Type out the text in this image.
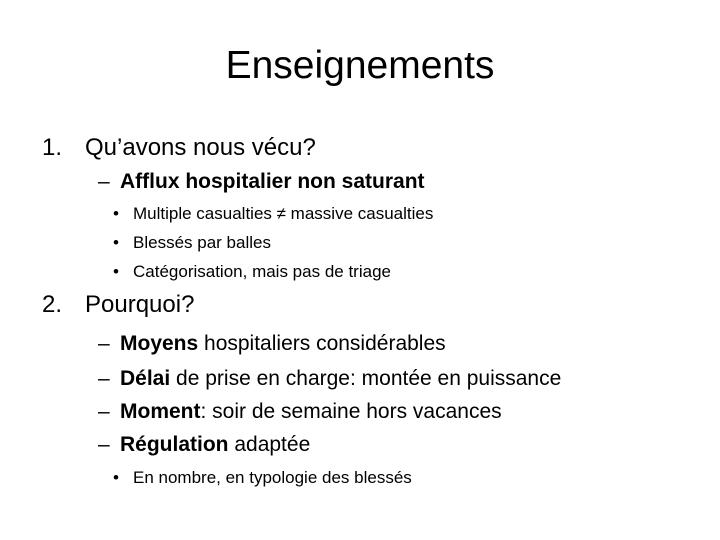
Enseignements
1. Qu’avons nous vécu?
– Afflux hospitalier non saturant
• Multiple casualties ≠ massive casualties
• Blessés par balles
• Catégorisation, mais pas de triage
2. Pourquoi?
– Moyens hospitaliers considérables
– Délai de prise en charge: montée en puissance
– Moment: soir de semaine hors vacances
– Régulation adaptée
• En nombre, en typologie des blessés
